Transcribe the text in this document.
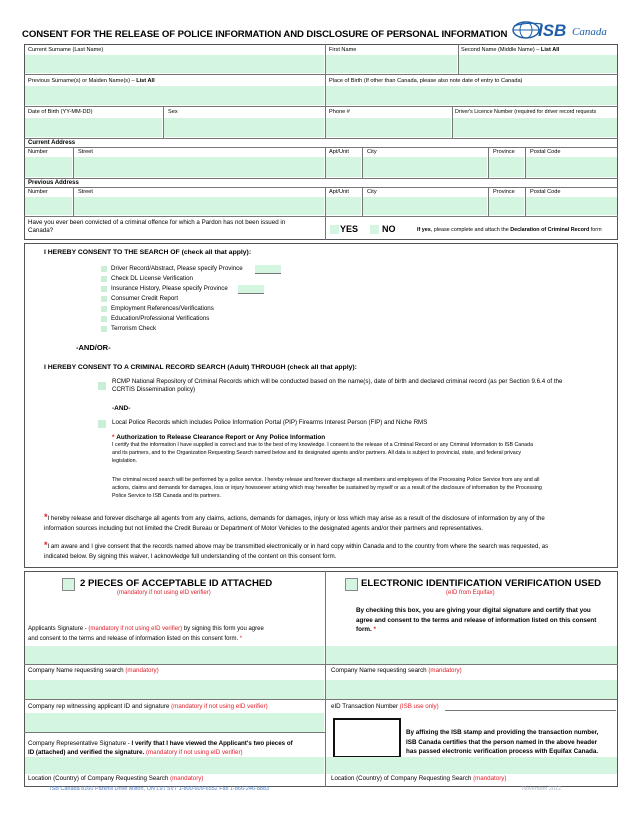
CONSENT FOR THE RELEASE OF POLICE INFORMATION AND DISCLOSURE OF PERSONAL INFORMATION ISB Canada
Current Surname (Last Name)	First Name	Second Name (Middle Name) – List All
Previous Surname(s) or Maiden Name(s) – List All	Place of Birth (If other than Canada, please also note date of entry to Canada)
Date of Birth (YY-MM-DD)	Sex	Phone #	Driver's Licence Number (required for driver record requests
Current Address
Number	Street	Apt/Unit	City	Province	Postal Code
Previous Address
Number	Street	Apt/Unit	City	Province	Postal Code
Have you ever been convicted of a criminal offence for which a Pardon has not been issued in
Canada?	YES	NO	If yes, please complete and attach the Declaration of Criminal Record form
I HEREBY CONSENT TO THE SEARCH OF (check all that apply):
Driver Record/Abstract, Please specify Province
Check DL License Verification
Insurance History, Please specify Province
Consumer Credit Report
Employment References/Verifications
Education/Professional Verifications
Terrorism Check
-AND/OR-
I HEREBY CONSENT TO A CRIMINAL RECORD SEARCH (Adult) THROUGH (check all that apply):
RCMP National Repository of Criminal Records which will be conducted based on the name(s), date of birth and declared criminal record (as per Section 9.6.4 of the
CCRTIS Dissemination policy)
-AND-
Local Police Records which includes Police Information Portal (PIP) Firearms Interest Person (FIP) and Niche RMS
* Authorization to Release Clearance Report or Any Police Information
I certify that the information I have supplied is correct and true to the best of my knowledge. I consent to the release of a Criminal Record or any Criminal Information to ISB Canada
and its partners, and to the Organization Requesting Search named below and its designated agents and/or partners. All data is subject to provincial, state, and federal privacy
legislation.
The criminal record search will be performed by a police service. I hereby release and forever discharge all members and employees of the Processing Police Service from any and all
actions, claims and demands for damages, loss or injury howsoever arising which may hereafter be sustained by myself or as a result of the disclosure of information by the Processing
Police Service to ISB Canada and its partners.
*I hereby release and forever discharge all agents from any claims, actions, demands for damages, injury or loss which may arise as a result of the disclosure of information by any of the
information sources including but not limited the Credit Bureau or Department of Motor Vehicles to the designated agents and/or their partners and representatives.
*I am aware and I give consent that the records named above may be transmitted electronically or in hard copy within Canada and to the country from where the search was requested, as
indicated below. By signing this waiver, I acknowledge full understanding of the content on this consent form.
2 PIECES OF ACCEPTABLE ID ATTACHED
(mandatory if not using eID verifier)
Applicants Signature - (mandatory if not using eID verifier) by signing this form you agree
and consent to the terms and release of information listed on this consent form. *
Company Name requesting search (mandatory)
Company rep witnessing applicant ID and signature (mandatory if not using eID verifier)
Company Representative Signature - I verify that I have viewed the Applicant's two pieces of
ID (attached) and verified the signature. (mandatory if not using eID verifier)
Location (Country) of Company Requesting Search (mandatory)
ELECTRONIC IDENTIFICATION VERIFICATION USED
(eID from Equifax)
By checking this box, you are giving your digital signature and certify that you
agree and consent to the terms and release of information listed on this consent
form. *
Company Name requesting search (mandatory)
eID Transaction Number (ISB use only)
By affixing the ISB stamp and providing the transaction number,
ISB Canada certifies that the person named in the above header
has passed electronic verification process with Equifax Canada.
Location (Country) of Company Requesting Search (mandatory)
ISB Canada 8160 Parkhill Drive Milton, ON L9T 5V7 1-800-609-6552 Fax 1-866-246-8883	November 2012
